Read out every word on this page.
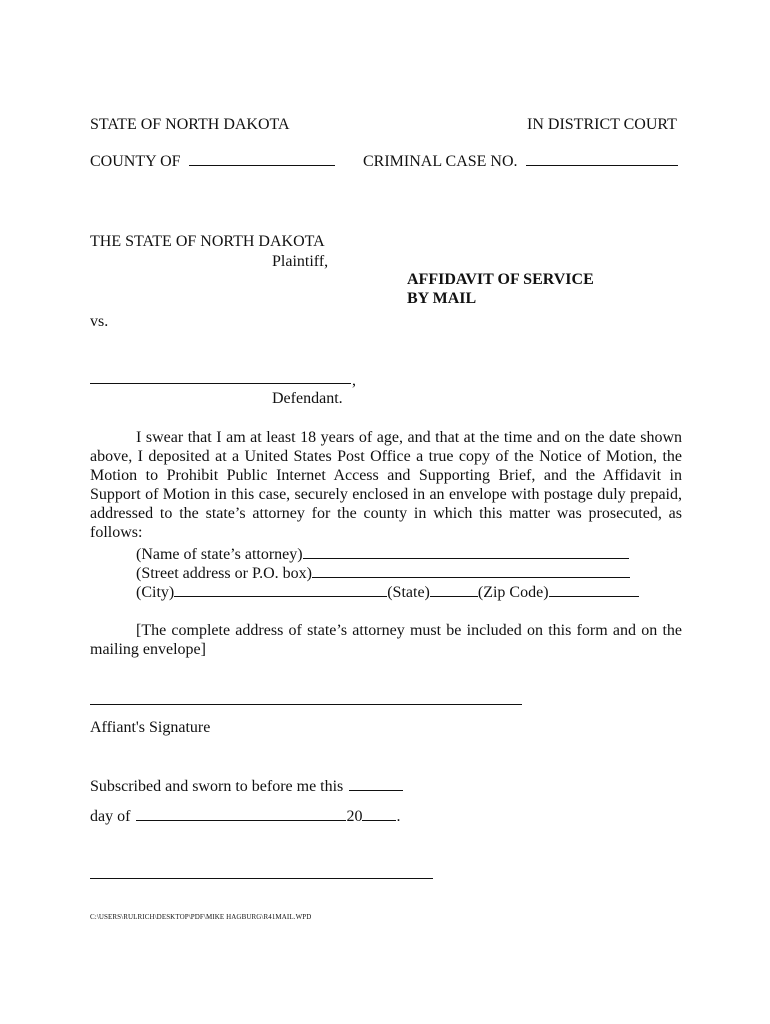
STATE OF NORTH DAKOTA	IN DISTRICT COURT
COUNTY OF	CRIMINAL CASE NO.
THE STATE OF NORTH DAKOTA
Plaintiff,
AFFIDAVIT OF SERVICE
BY MAIL
vs.
,
Defendant.
I swear that I am at least 18 years of age, and that at the time and on the date shown above, I deposited at a United States Post Office a true copy of the Notice of Motion, the Motion to Prohibit Public Internet Access and Supporting Brief, and the Affidavit in Support of Motion in this case, securely enclosed in an envelope with postage duly prepaid, addressed to the state’s attorney for the county in which this matter was prosecuted, as follows:
(Name of state’s attorney)
(Street address or P.O. box)
(City)	(State)	(Zip Code)
[The complete address of state’s attorney must be included on this form and on the mailing envelope]
Affiant's Signature
Subscribed and sworn to before me this
day of	20 .
C:\USERS\RULRICH\DESKTOP\PDF\MIKE HAGBURG\R41MAIL.WPD
